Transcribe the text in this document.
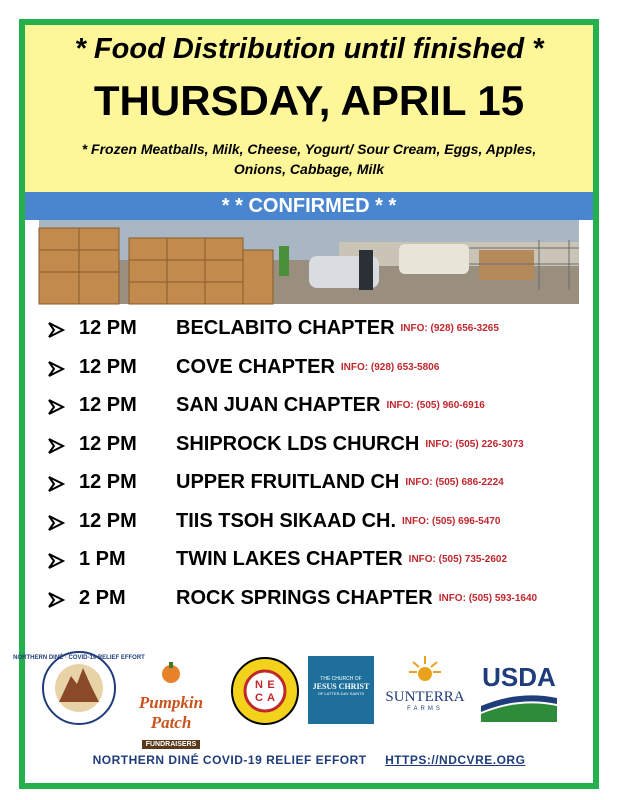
* Food Distribution until finished *
THURSDAY, APRIL 15
* Frozen Meatballs, Milk, Cheese, Yogurt/ Sour Cream, Eggs, Apples,
Onions, Cabbage, Milk
* * CONFIRMED * *
12 PM BECLABITO CHAPTER INFO: (928) 656-3265
12 PM COVE CHAPTER INFO: (928) 653-5806
12 PM SAN JUAN CHAPTER INFO: (505) 960-6916
12 PM SHIPROCK LDS CHURCH INFO: (505) 226-3073
12 PM UPPER FRUITLAND CH INFO: (505) 686-2224
12 PM TIIS TSOH SIKAAD CH. INFO: (505) 696-5470
1 PM	TWIN LAKES CHAPTER INFO: (505) 735-2602
2 PM	ROCK SPRINGS CHAPTER INFO: (505) 593-1640
NORTHERN DINÉ · COVID-19 RELIEF EFFORT
Pumpkin Patch
FUNDRAISERS
N E
C A
THE CHURCH OF
JESUS CHRIST
OF LATTER-DAY SAINTS	SUNTERRA
FARMS
USDA
NORTHERN DINÉ COVID-19 RELIEF EFFORT HTTPS://NDCVRE.ORG
